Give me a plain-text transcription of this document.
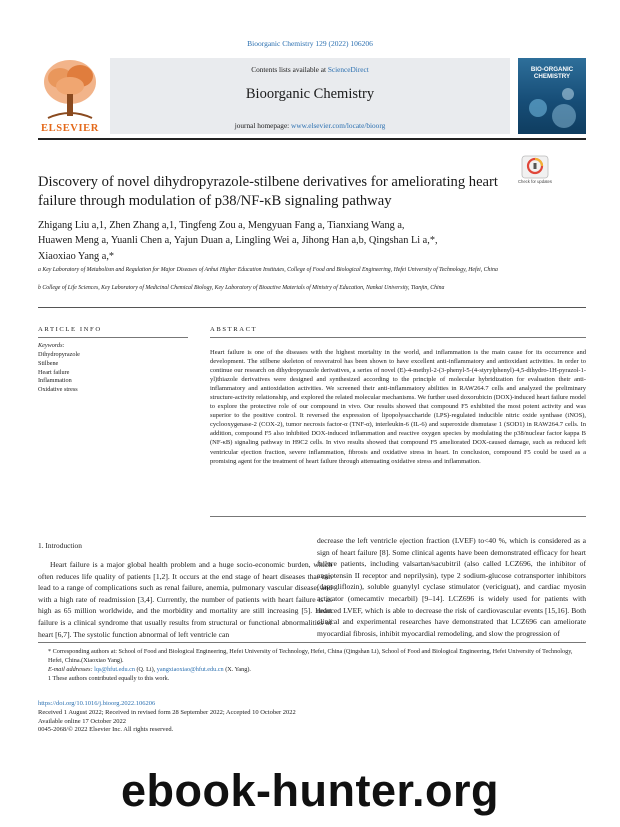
Bioorganic Chemistry 129 (2022) 106206
ELSEVIER
Contents lists available at ScienceDirect
Bioorganic Chemistry
journal homepage: www.elsevier.com/locate/bioorg
BIO-ORGANIC CHEMISTRY
Discovery of novel dihydropyrazole-stilbene derivatives for ameliorating heart failure through modulation of p38/NF-κB signaling pathway
Check for updates
Zhigang Liu a,1, Zhen Zhang a,1, Tingfeng Zou a, Mengyuan Fang a, Tianxiang Wang a,
Huawen Meng a, Yuanli Chen a, Yajun Duan a, Lingling Wei a, Jihong Han a,b, Qingshan Li a,*,
Xiaoxiao Yang a,*
a Key Laboratory of Metabolism and Regulation for Major Diseases of Anhui Higher Education Institutes, College of Food and Biological Engineering, Hefei University of Technology, Hefei, China
b College of Life Sciences, Key Laboratory of Medicinal Chemical Biology, Key Laboratory of Bioactive Materials of Ministry of Education, Nankai University, Tianjin, China
ARTICLE INFO
Keywords:
Dihydropyrazole
Stilbene
Heart failure
Inflammation
Oxidative stress
ABSTRACT
Heart failure is one of the diseases with the highest mortality in the world, and inflammation is the main cause for its occurrence and development. The stilbene skeleton of resveratrol has been shown to have excellent anti-inflammatory and antioxidant activities. In order to continue our research on dihydropyrazole derivatives, a series of novel (E)-4-methyl-2-(3-phenyl-5-(4-styrylphenyl)-4,5-dihydro-1H-pyrazol-1-yl)thiazole derivatives were designed and synthesized according to the principle of molecular hybridization for evaluation their anti-inflammatory and antioxidation activities. We screened their anti-inflammatory abilities in RAW264.7 cells and analyzed the preliminary structure-activity relationship, and explored the related molecular mechanisms. We further used doxorubicin (DOX)-induced heart failure model to explore the protective role of our compound in vivo. Our results showed that compound F5 exhibited the most potent activity and was superior to the positive control. It reversed the expression of lipopolysaccharide (LPS)-regulated inducible nitric oxide synthase (iNOS), cyclooxygenase-2 (COX-2), tumor necrosis factor-α (TNF-α), interleukin-6 (IL-6) and superoxide dismutase 1 (SOD1) in RAW264.7 cells. In addition, compound F5 also inhibited DOX-induced inflammation and reactive oxygen species by modulating the p38/nuclear factor kappa B (NF-κB) signaling pathway in H9C2 cells. In vivo results showed that compound F5 ameliorated DOX-caused damage, such as reduced left ventricular ejection fraction, severe inflammation, fibrosis and oxidative stress in heart. In conclusion, compound F5 could be used as a promising agent for the treatment of heart failure through attenuating oxidative stress and inflammation.
1. Introduction
Heart failure is a major global health problem and a huge socio-economic burden, which often reduces life quality of patients [1,2]. It occurs at the end stage of heart diseases that can lead to a range of complications such as renal failure, anemia, pulmonary vascular disease, and with a high rate of readmission [3,4]. Currently, the number of patients with heart failure is as high as 65 million worldwide, and the morbidity and mortality are still increasing [5]. Heart failure is a clinical syndrome that usually results from structural or functional abnormalities of heart [6,7]. The systolic function abnormal of left ventricle can
decrease the left ventricle ejection fraction (LVEF) to<40 %, which is considered as a sign of heart failure [8]. Some clinical agents have been demonstrated efficacy for heart failure patients, including valsartan/sacubitril (also called LCZ696, the inhibitor of angiotensin II receptor and neprilysin), type 2 sodium-glucose cotransporter inhibitors (dapagliflozin), soluble guanylyl cyclase stimulator (vericiguat), and cardiac myosin activator (omecamtiv mecarbil) [9–14]. LCZ696 is widely used for patients with reduced LVEF, which is able to decrease the risk of cardiovascular events [15,16]. Both clinical and experimental researches have demonstrated that LCZ696 can ameliorate myocardial fibrosis, inhibit myocardial remodeling, and slow the progression of
* Corresponding authors at: School of Food and Biological Engineering, Hefei University of Technology, Hefei, China (Qingshan Li), School of Food and Biological Engineering, Hefei University of Technology, Hefei, China.(Xiaoxiao Yang).
E-mail addresses: lqs@hfut.edu.cn (Q. Li), yangxiaoxiao@hfut.edu.cn (X. Yang).
1 These authors contributed equally to this work.
https://doi.org/10.1016/j.bioorg.2022.106206
Received 1 August 2022; Received in revised form 28 September 2022; Accepted 10 October 2022
Available online 17 October 2022
0045-2068/© 2022 Elsevier Inc. All rights reserved.
ebook-hunter.org
